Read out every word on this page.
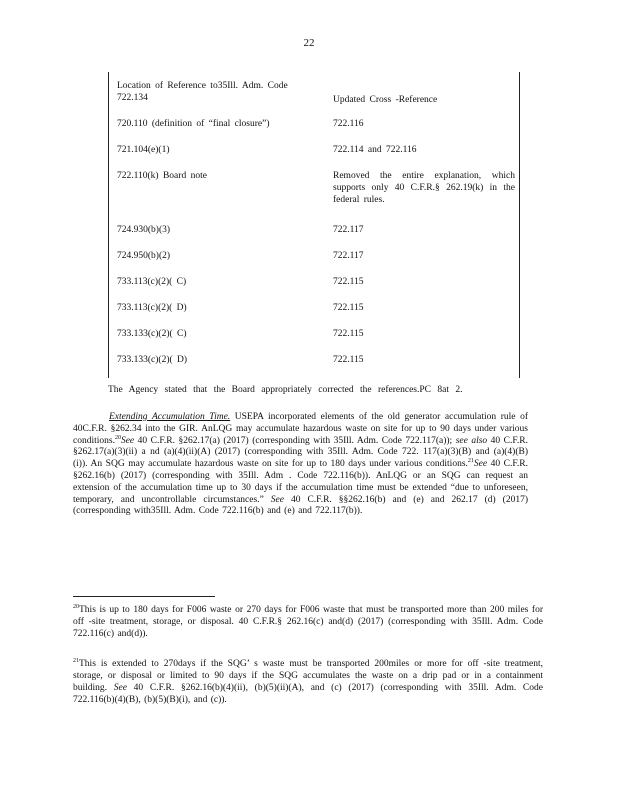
22
Location of Reference to35Ill. Adm. Code 722.134	Updated Cross -Reference
720.110 (definition of “final closure”)	722.116
721.104(e)(1)	722.114 and 722.116
722.110(k) Board note	Removed the entire explanation, which supports only 40 C.F.R.§ 262.19(k) in the federal rules.
724.930(b)(3)	722.117
724.950(b)(2)	722.117
733.113(c)(2)( C)	722.115
733.113(c)(2)( D)	722.115
733.133(c)(2)( C)	722.115
733.133(c)(2)( D)	722.115
The Agency stated that the Board appropriately corrected the references.PC 8at 2.
Extending Accumulation Time. USEPA incorporated elements of the old generator accumulation rule of 40C.F.R. §262.34 into the GIR. AnLQG may accumulate hazardous waste on site for up to 90 days under various conditions.$^{20}$See 40 C.F.R. §262.17(a) (2017) (corresponding with 35Ill. Adm. Code 722.117(a)); see also 40 C.F.R. §262.17(a)(3)(ii) a nd (a)(4)(ii)(A) (2017) (corresponding with 35Ill. Adm. Code 722. 117(a)(3)(B) and (a)(4)(B)(i)). An SQG may accumulate hazardous waste on site for up to 180 days under various conditions.$^{21}$See 40 C.F.R. §262.16(b) (2017) (corresponding with 35Ill. Adm . Code 722.116(b)). AnLQG or an SQG can request an extension of the accumulation time up to 30 days if the accumulation time must be extended “due to unforeseen, temporary, and uncontrollable circumstances.” See 40 C.F.R. §§262.16(b) and (e) and 262.17 (d) (2017) (corresponding with35Ill. Adm. Code 722.116(b) and (e) and 722.117(b)).
$^{20}$This is up to 180 days for F006 waste or 270 days for F006 waste that must be transported more than 200 miles for off -site treatment, storage, or disposal. 40 C.F.R.§ 262.16(c) and(d) (2017) (corresponding with 35Ill. Adm. Code 722.116(c) and(d)).
$^{21}$This is extended to 270days if the SQG’ s waste must be transported 200miles or more for off -site treatment, storage, or disposal or limited to 90 days if the SQG accumulates the waste on a drip pad or in a containment building. See 40 C.F.R. §262.16(b)(4)(ii), (b)(5)(ii)(A), and (c) (2017) (corresponding with 35Ill. Adm. Code 722.116(b)(4)(B), (b)(5)(B)(i), and (c)).
